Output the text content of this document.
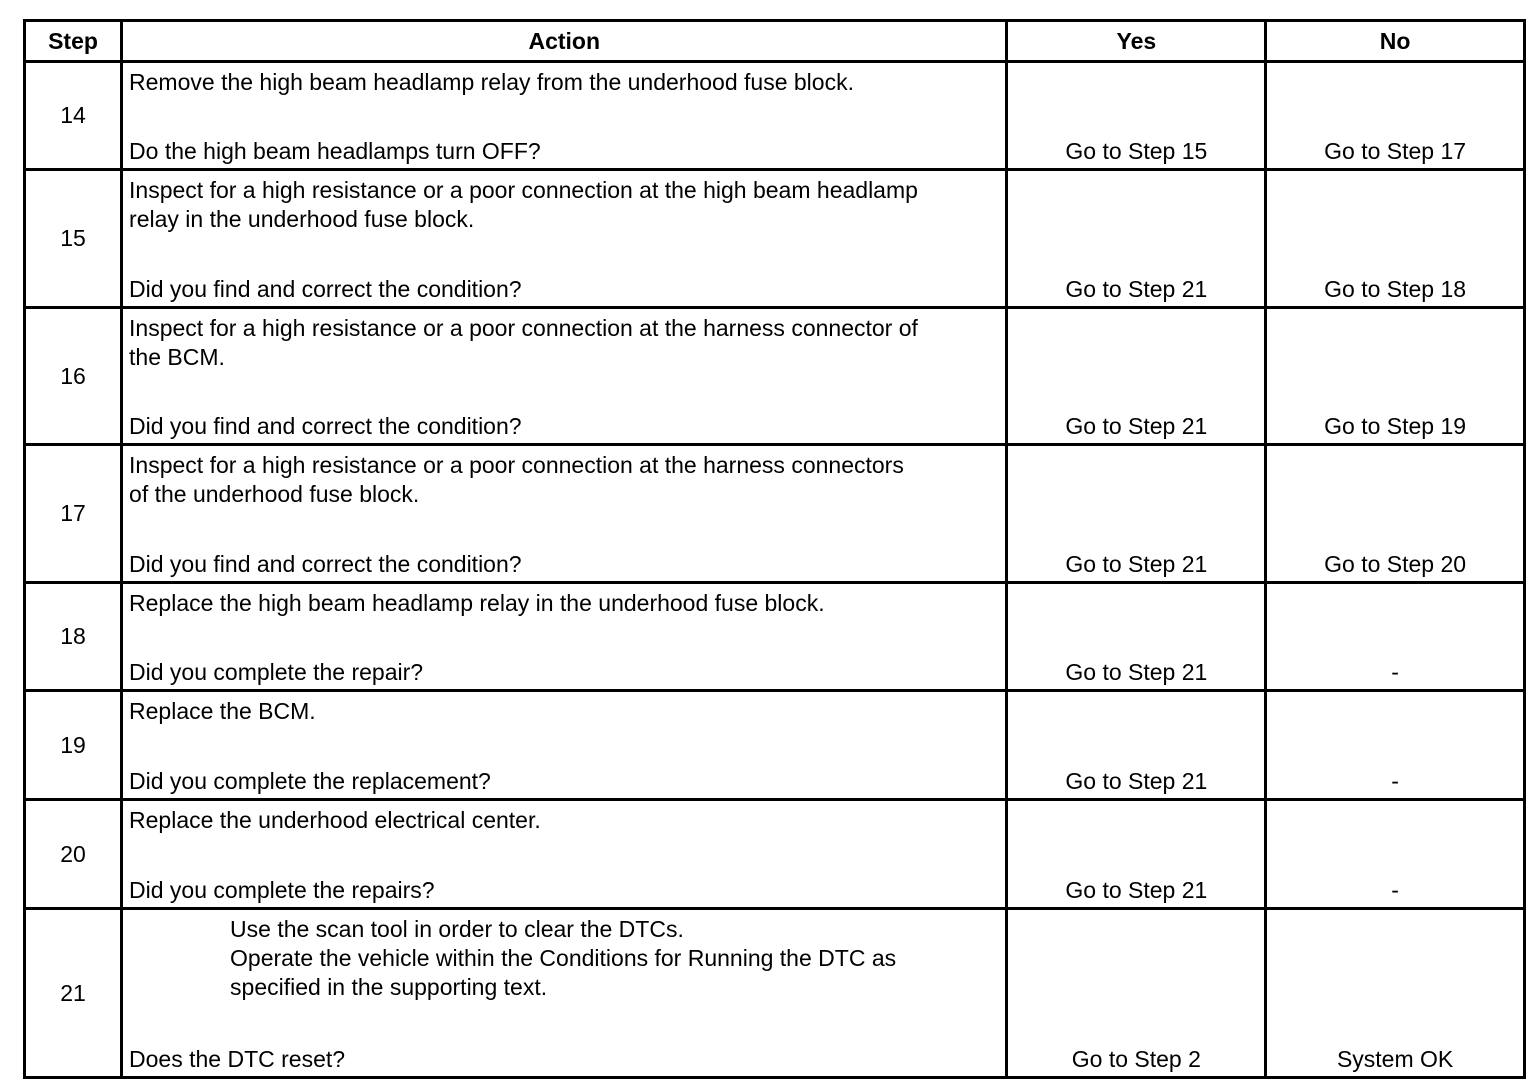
Step	Action	Yes	No
14	Remove the high beam headlamp relay from the underhood fuse block.
Do the high beam headlamps turn OFF?	Go to Step 15	Go to Step 17

15	Inspect for a high resistance or a poor connection at the high beam headlamp
relay in the underhood fuse block.
Did you find and correct the condition?	Go to Step 21	Go to Step 18

16	Inspect for a high resistance or a poor connection at the harness connector of
the BCM.
Did you find and correct the condition?	Go to Step 21	Go to Step 19

17	Inspect for a high resistance or a poor connection at the harness connectors
of the underhood fuse block.
Did you find and correct the condition?	Go to Step 21	Go to Step 20

18	Replace the high beam headlamp relay in the underhood fuse block.
Did you complete the repair?	Go to Step 21	-

19	Replace the BCM.
Did you complete the replacement?	Go to Step 21	-

20	Replace the underhood electrical center.
Did you complete the repairs?	Go to Step 21	-

21	Use the scan tool in order to clear the DTCs.
Operate the vehicle within the Conditions for Running the DTC as
specified in the supporting text.
Does the DTC reset?	Go to Step 2	System OK
